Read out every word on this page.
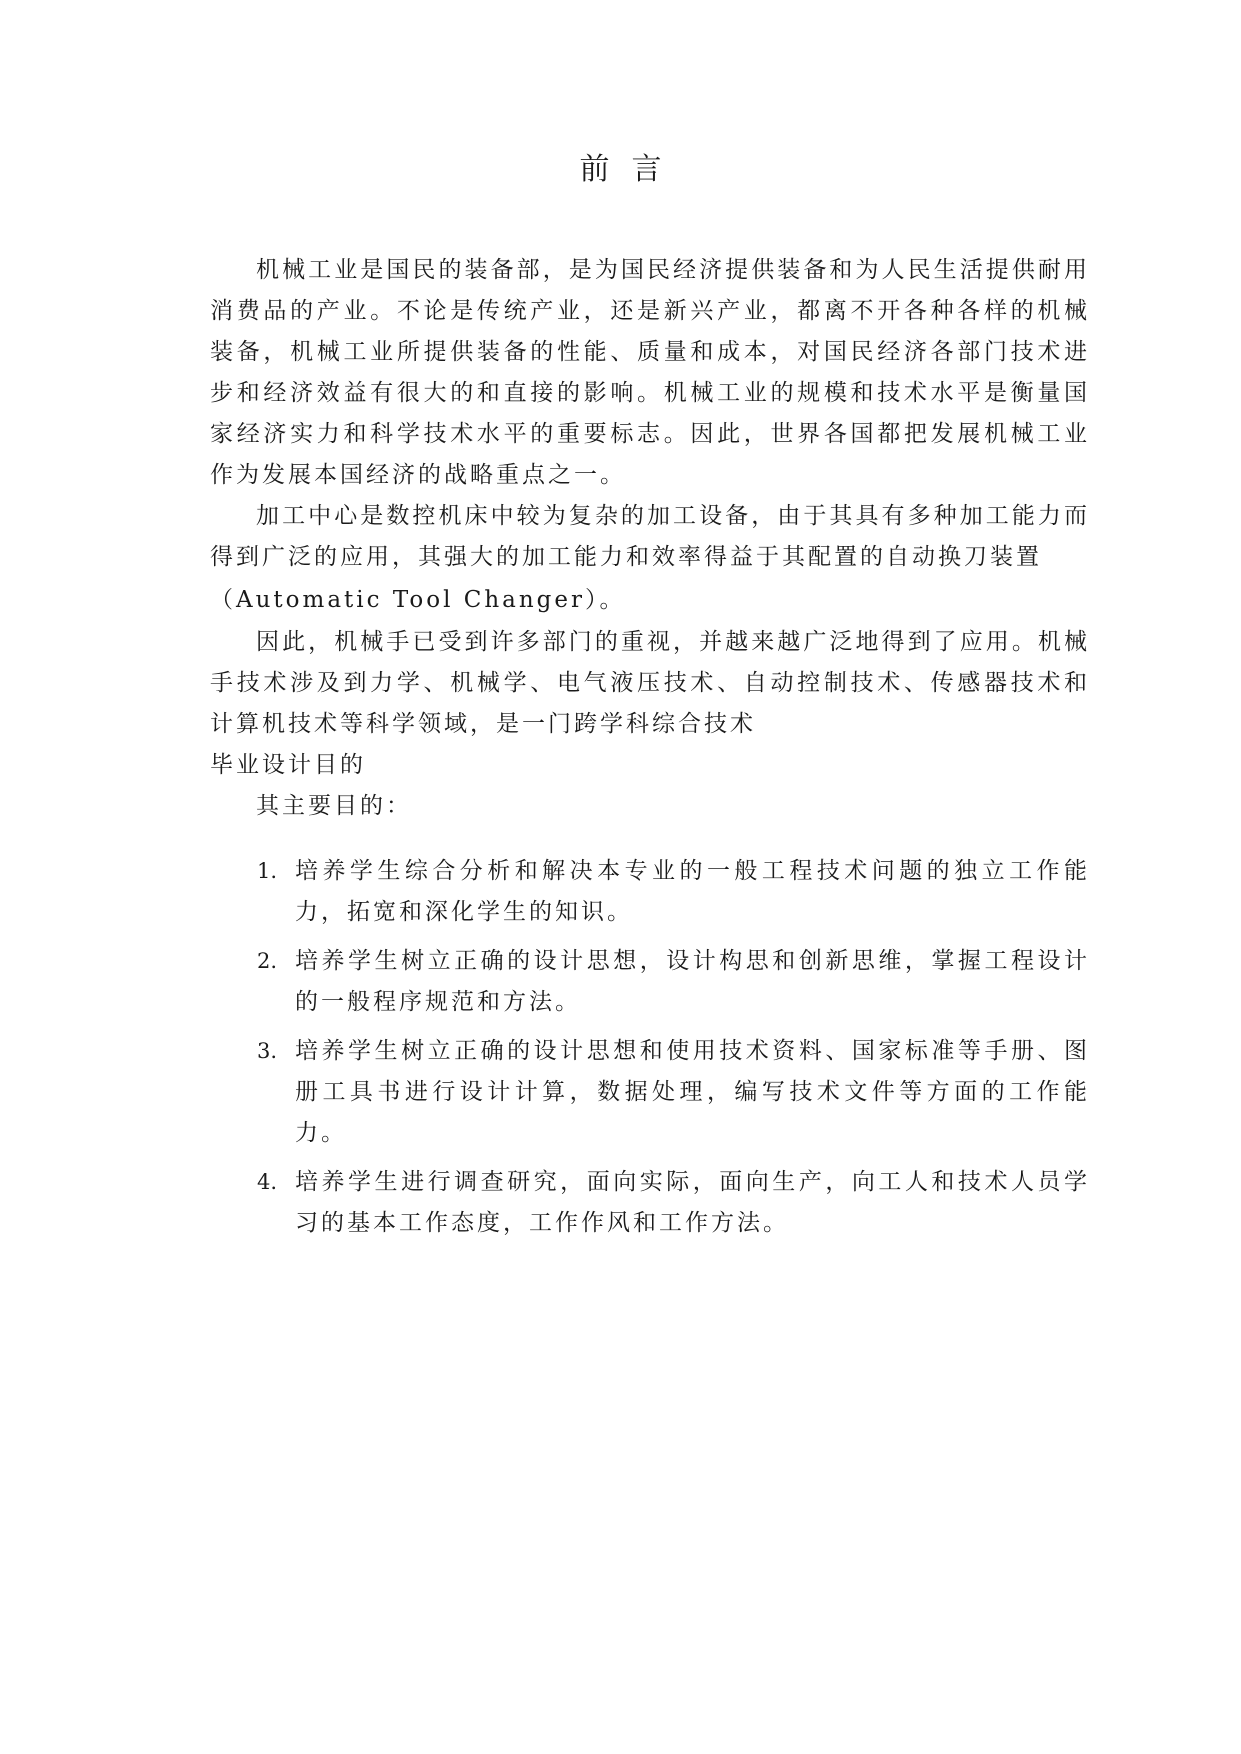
前言

机械工业是国民的装备部，是为国民经济提供装备和为人民生活提供耐用消费品的产业。不论是传统产业，还是新兴产业，都离不开各种各样的机械装备，机械工业所提供装备的性能、质量和成本，对国民经济各部门技术进步和经济效益有很大的和直接的影响。机械工业的规模和技术水平是衡量国家经济实力和科学技术水平的重要标志。因此，世界各国都把发展机械工业作为发展本国经济的战略重点之一。

加工中心是数控机床中较为复杂的加工设备，由于其具有多种加工能力而得到广泛的应用，其强大的加工能力和效率得益于其配置的自动换刀装置

（Automatic Tool Changer）。

因此，机械手已受到许多部门的重视，并越来越广泛地得到了应用。机械手技术涉及到力学、机械学、电气液压技术、自动控制技术、传感器技术和计算机技术等科学领域，是一门跨学科综合技术

毕业设计目的

其主要目的：

1. 培养学生综合分析和解决本专业的一般工程技术问题的独立工作能力，拓宽和深化学生的知识。
2. 培养学生树立正确的设计思想，设计构思和创新思维，掌握工程设计的一般程序规范和方法。
3. 培养学生树立正确的设计思想和使用技术资料、国家标准等手册、图册工具书进行设计计算，数据处理，编写技术文件等方面的工作能力。
4. 培养学生进行调查研究，面向实际，面向生产，向工人和技术人员学习的基本工作态度，工作作风和工作方法。
